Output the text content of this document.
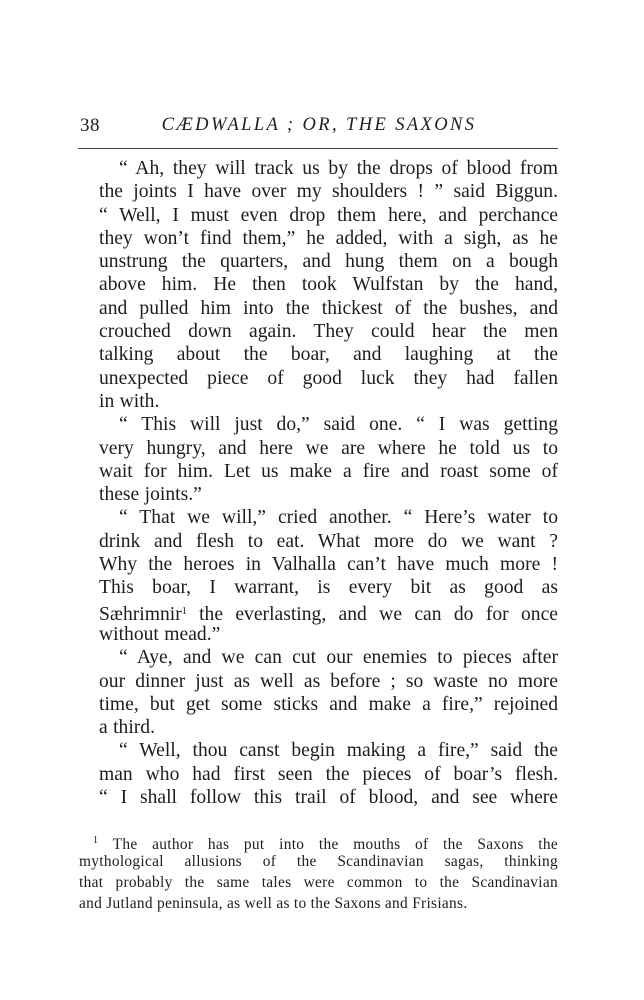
38	CÆDWALLA ; OR, THE SAXONS
“ Ah, they will track us by the drops of blood from
the joints I have over my shoulders ! ” said Biggun.
“ Well, I must even drop them here, and perchance
they won’t find them,” he added, with a sigh, as he
unstrung the quarters, and hung them on a bough
above him. He then took Wulfstan by the hand,
and pulled him into the thickest of the bushes, and
crouched down again. They could hear the men
talking about the boar, and laughing at the
unexpected piece of good luck they had fallen
in with.
“ This will just do,” said one. “ I was getting
very hungry, and here we are where he told us to
wait for him. Let us make a fire and roast some of
these joints.”
“ That we will,” cried another. “ Here’s water to
drink and flesh to eat. What more do we want ?
Why the heroes in Valhalla can’t have much more !
This boar, I warrant, is every bit as good as
Sæhrimnir$^1$ the everlasting, and we can do for once
without mead.”
“ Aye, and we can cut our enemies to pieces after
our dinner just as well as before ; so waste no more
time, but get some sticks and make a fire,” rejoined
a third.
“ Well, thou canst begin making a fire,” said the
man who had first seen the pieces of boar’s flesh.
“ I shall follow this trail of blood, and see where
$^1$ The author has put into the mouths of the Saxons the
mythological allusions of the Scandinavian sagas, thinking
that probably the same tales were common to the Scandinavian
and Jutland peninsula, as well as to the Saxons and Frisians.
